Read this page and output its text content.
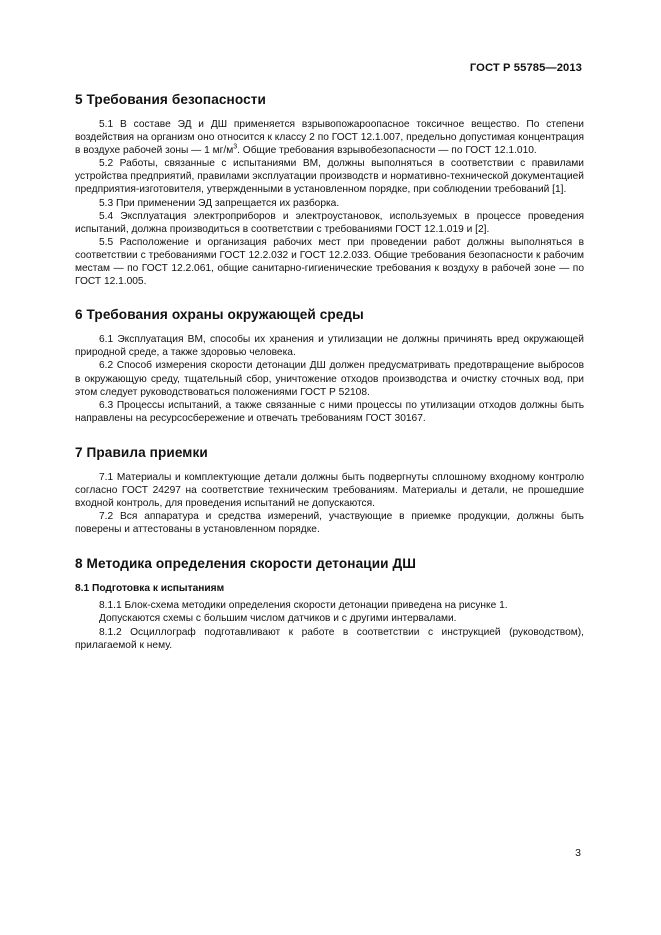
ГОСТ Р 55785—2013
5 Требования безопасности

5.1 В составе ЭД и ДШ применяется взрывопожароопасное токсичное вещество. По степени воздействия на организм оно относится к классу 2 по ГОСТ 12.1.007, предельно допустимая концентрация в воздухе рабочей зоны — 1 $мг/м^3$. Общие требования взрывобезопасности — по ГОСТ 12.1.010.

5.2 Работы, связанные с испытаниями ВМ, должны выполняться в соответствии с правилами устройства предприятий, правилами эксплуатации производств и нормативно-технической документацией предприятия-изготовителя, утвержденными в установленном порядке, при соблюдении требований [1].

5.3 При применении ЭД запрещается их разборка.

5.4 Эксплуатация электроприборов и электроустановок, используемых в процессе проведения испытаний, должна производиться в соответствии с требованиями ГОСТ 12.1.019 и [2].

5.5 Расположение и организация рабочих мест при проведении работ должны выполняться в соответствии с требованиями ГОСТ 12.2.032 и ГОСТ 12.2.033. Общие требования безопасности к рабочим местам — по ГОСТ 12.2.061, общие санитарно-гигиенические требования к воздуху в рабочей зоне — по ГОСТ 12.1.005.

6 Требования охраны окружающей среды

6.1 Эксплуатация ВМ, способы их хранения и утилизации не должны причинять вред окружающей природной среде, а также здоровью человека.

6.2 Способ измерения скорости детонации ДШ должен предусматривать предотвращение выбросов в окружающую среду, тщательный сбор, уничтожение отходов производства и очистку сточных вод, при этом следует руководствоваться положениями ГОСТ Р 52108.

6.3 Процессы испытаний, а также связанные с ними процессы по утилизации отходов должны быть направлены на ресурсосбережение и отвечать требованиям ГОСТ 30167.

7 Правила приемки

7.1 Материалы и комплектующие детали должны быть подвергнуты сплошному входному контролю согласно ГОСТ 24297 на соответствие техническим требованиям. Материалы и детали, не прошедшие входной контроль, для проведения испытаний не допускаются.

7.2 Вся аппаратура и средства измерений, участвующие в приемке продукции, должны быть поверены и аттестованы в установленном порядке.

8 Методика определения скорости детонации ДШ
8.1 Подготовка к испытаниям

8.1.1 Блок-схема методики определения скорости детонации приведена на рисунке 1.

Допускаются схемы с большим числом датчиков и с другими интервалами.

8.1.2 Осциллограф подготавливают к работе в соответствии с инструкцией (руководством), прилагаемой к нему.

3
